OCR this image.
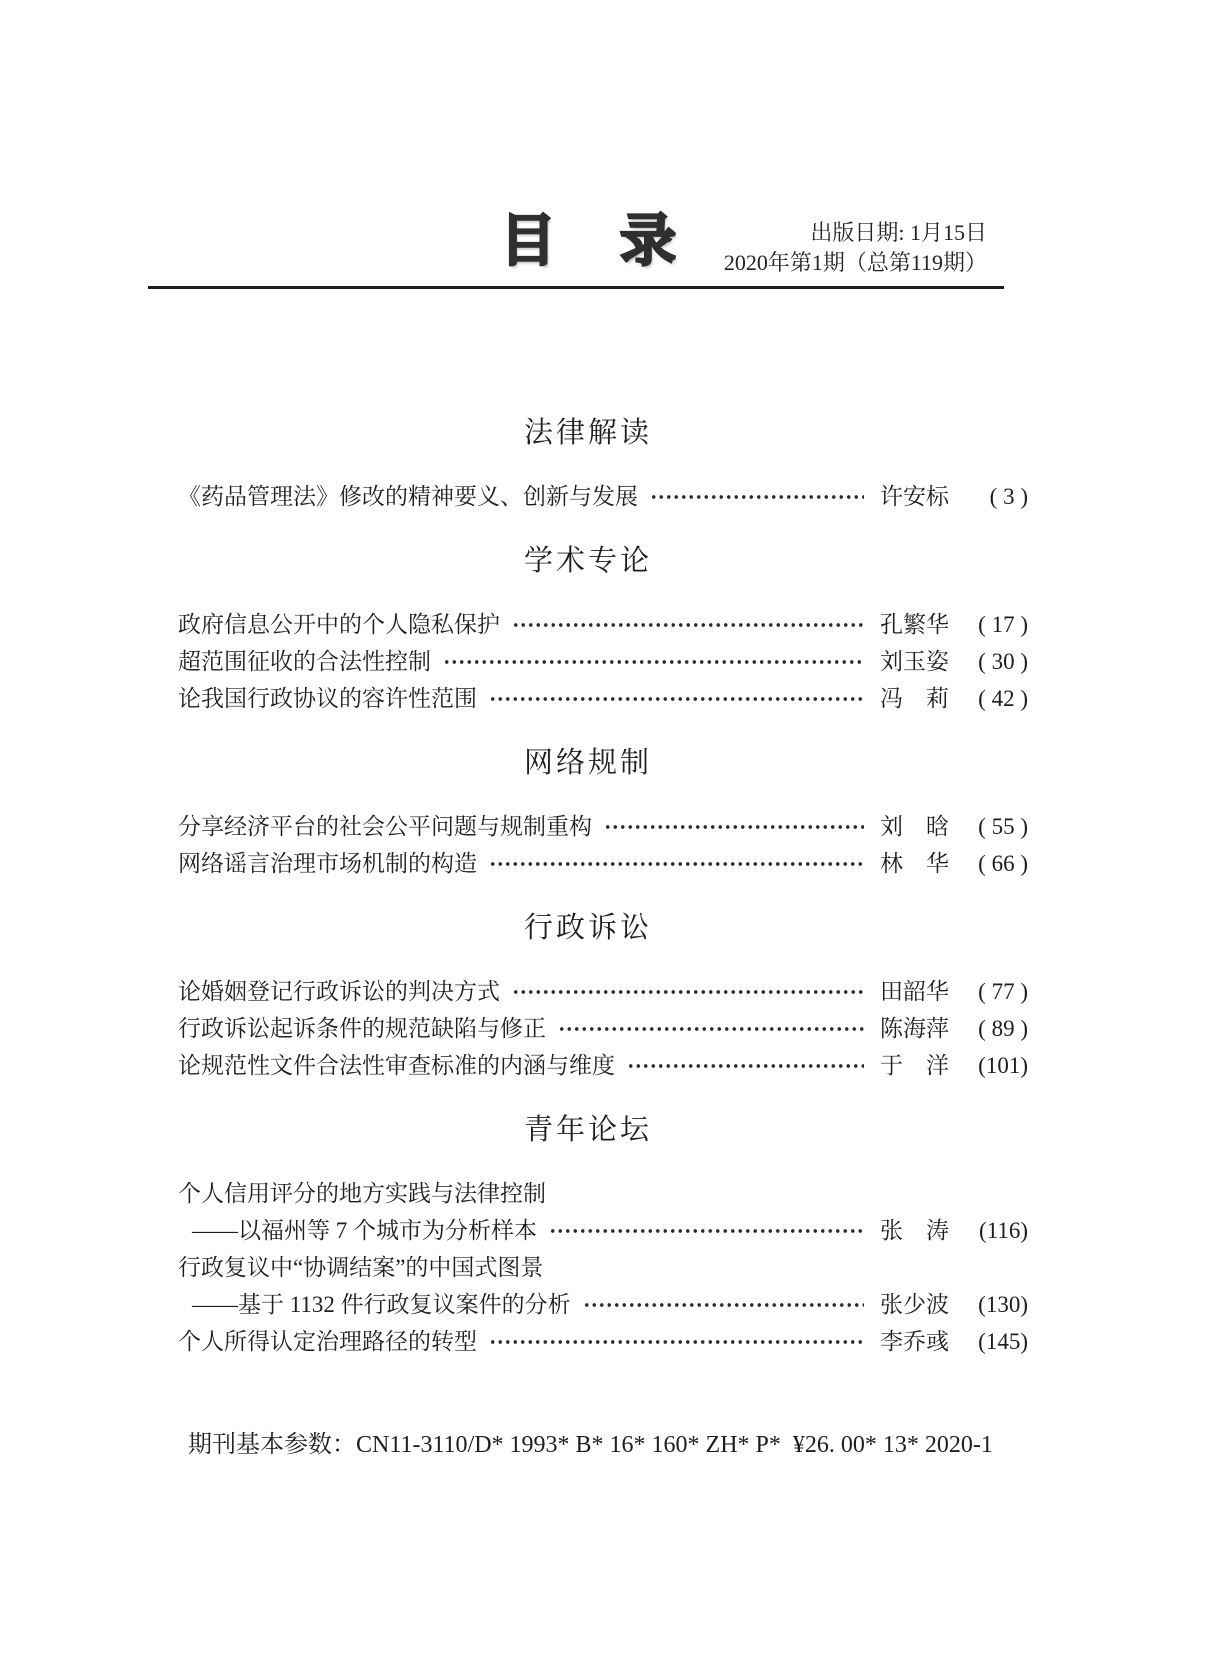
目　录	出版日期: 1月15日
2020年第1期（总第119期）
法律解读
《药品管理法》修改的精神要义、创新与发展	许安标	( 3 )
学术专论
政府信息公开中的个人隐私保护	孔繁华	( 17 )
超范围征收的合法性控制	刘玉姿	( 30 )
论我国行政协议的容许性范围	冯　莉	( 42 )
网络规制
分享经济平台的社会公平问题与规制重构	刘　晗	( 55 )
网络谣言治理市场机制的构造	林　华	( 66 )
行政诉讼
论婚姻登记行政诉讼的判决方式	田韶华	( 77 )
行政诉讼起诉条件的规范缺陷与修正	陈海萍	( 89 )
论规范性文件合法性审查标准的内涵与维度	于　洋	(101)
青年论坛
个人信用评分的地方实践与法律控制
——以福州等 7 个城市为分析样本	张　涛	(116)
行政复议中“协调结案”的中国式图景
——基于 1132 件行政复议案件的分析	张少波	(130)
个人所得认定治理路径的转型	李乔彧	(145)
期刊基本参数：CN11-3110/D* 1993* B* 16* 160* ZH* P*  ¥26. 00* 13* 2020-1
